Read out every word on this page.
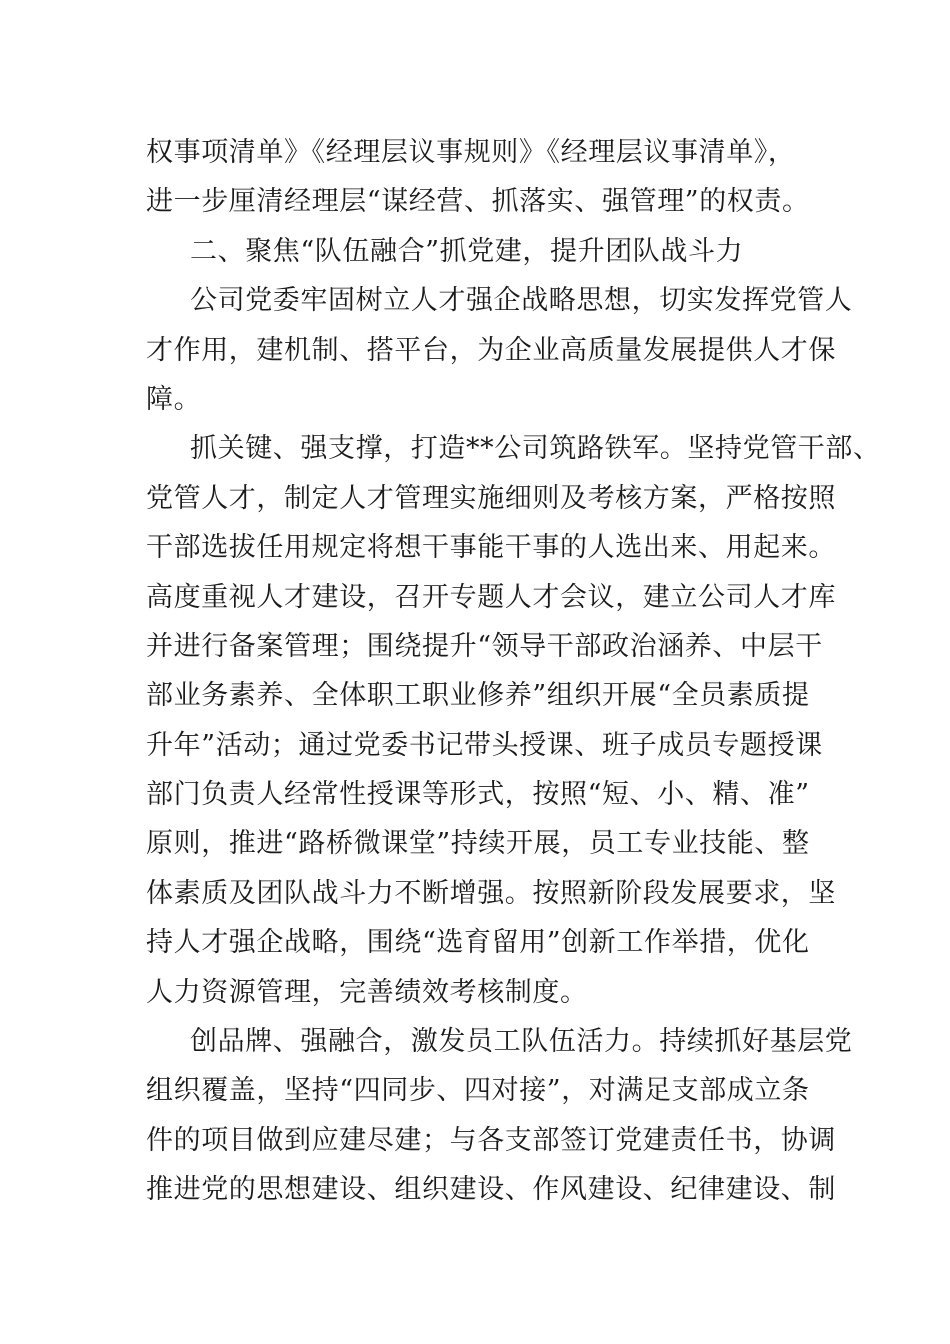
权事项清单》《经理层议事规则》《经理层议事清单》，
进一步厘清经理层“谋经营、抓落实、强管理”的权责。
二、聚焦“队伍融合”抓党建，提升团队战斗力
公司党委牢固树立人才强企战略思想，切实发挥党管人
才作用，建机制、搭平台，为企业高质量发展提供人才保
障。
抓关键、强支撑，打造**公司筑路铁军。坚持党管干部、
党管人才，制定人才管理实施细则及考核方案，严格按照
干部选拔任用规定将想干事能干事的人选出来、用起来。
高度重视人才建设，召开专题人才会议，建立公司人才库
并进行备案管理；围绕提升“领导干部政治涵养、中层干
部业务素养、全体职工职业修养”组织开展“全员素质提
升年”活动；通过党委书记带头授课、班子成员专题授课
部门负责人经常性授课等形式，按照“短、小、精、准”
原则，推进“路桥微课堂”持续开展，员工专业技能、整
体素质及团队战斗力不断增强。按照新阶段发展要求，坚
持人才强企战略，围绕“选育留用”创新工作举措，优化
人力资源管理，完善绩效考核制度。
创品牌、强融合，激发员工队伍活力。持续抓好基层党
组织覆盖，坚持“四同步、四对接”，对满足支部成立条
件的项目做到应建尽建；与各支部签订党建责任书，协调
推进党的思想建设、组织建设、作风建设、纪律建设、制
